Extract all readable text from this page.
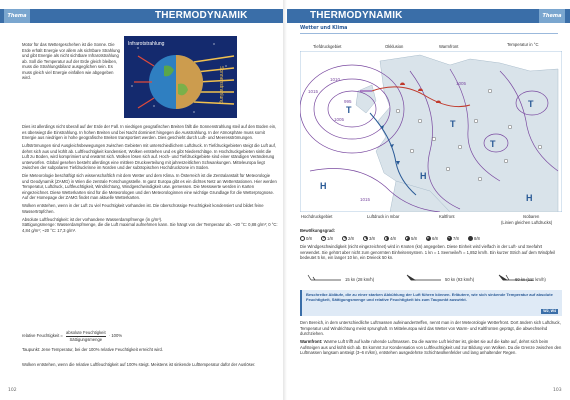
Thema	THERMODYNAMIK
Motor für das Wettergeschehen ist die Sonne. Die Erde erhält Energie vor allem als sichtbare Strahlung und gibt Energie als nicht sichtbare Infrarotstrahlung ab. Soll die Temperatur auf der Erde gleich bleiben, muss die Strahlungsbilanz ausgeglichen sein. Es muss gleich viel Energie einfallen wie abgegeben wird.
Infrarotstrahlung
Sonnenstrahlung

Dies ist allerdings nicht überall auf der Erde der Fall. In niedrigen geografischen Breiten fällt die Sonnenstrahlung steil auf den Boden ein, es überwiegt die Einstrahlung. In hohen Breiten und bei Nacht dominiert hingegen die Ausstrahlung. In der Atmosphäre muss somit Energie aus niedrigen in hohe geografische Breiten transportiert werden. Dies geschieht durch Luft- und Meeresströmungen.

Luftströmungen sind Ausgleichsbewegungen zwischen Gebieten mit unterschiedlichem Luftdruck. In Tiefdruckgebieten steigt die Luft auf, dehnt sich aus und kühlt ab. Luftfeuchtigkeit kondensiert, Wolken entstehen und es gibt Niederschläge. In Hochdruckgebieten sinkt die Luft zu Boden, wird komprimiert und erwärmt sich. Wolken lösen sich auf. Hoch- und Tiefdruckgebiete sind einer ständigen Veränderung unterworfen. Global gesehen besteht allerdings eine mittlere Druckverteilung mit jahreszeitlichen Schwankungen. Mitteleuropa liegt zwischen der subpolaren Tiefdruckrinne im Norden und der subtropischen Hochdruckzone im Süden.

Die Meteorologie beschäftigt sich wissenschaftlich mit dem Wetter und dem Klima. In Österreich ist die Zentralanstalt für Meteorologie und Geodynamik (ZAMG) in Wien die zentrale Forschungsstelle. In ganz Europa gibt es ein dichtes Netz an Wetterstationen. Hier werden Temperatur, Luftdruck, Luftfeuchtigkeit, Windrichtung, Windgeschwindigkeit usw. gemessen. Die Messwerte werden in Karten eingezeichnet. Diese Wetterkarten sind für die Meteorologen und den Meteorologinnen eine wichtige Grundlage für die Wetterprognose. Auf der Homepage der ZAMG findet man aktuelle Wetterkarten.

Wolken entstehen, wenn in der Luft zu viel Feuchtigkeit vorhanden ist. Die überschüssige Feuchtigkeit kondensiert und bildet feine Wassertröpfchen.

Absolute Luftfeuchtigkeit: ist der vorhandene Wasserdampfmenge (in g/m³).

Sättigungsmenge: Wasserdampfmenge, die die Luft maximal aufnehmen kann. Sie hängt von der Temperatur ab. ~20 °C: 0,88 g/m³; 0 °C: 4,84 g/m³; ~20 °C: 17,3 g/m³.

relative Feuchtigkeit =
absolute Feuchtigkeit
Sättigungsmenge
· 100%
Taupunkt: Jene Temperatur, bei der 100% relative Feuchtigkeit erreicht wird.
Wolken entstehen, wenn die relative Luftfeuchtigkeit auf 100% steigt. Meistens ist sinkende Lufttemperatur dafür der Auslöser.
102
THERMODYNAMIK	Thema
Wetter und Klima
Tiefdruckgebiet	Okklusion	Warmfront	Temperatur in °C
T
T
T
H
H
H
T
1015
1010
1005
995
1005
1015
Hochdruckgebiet	Luftdruck in mbar	Kaltfront	Isobaren
(Linien gleichen Luftdrucks)
Bewölkungsgrad:
0/8	1/8	2/8	3/8	4/8	5/8	6/8	7/8	8/8
Die Windgeschwindigkeit (nicht eingezeichnet) wird in Knoten (kn) angegeben. Diese Einheit wird vielfach in der Luft- und Seefahrt verwendet. Sie gehört aber nicht zum genormten Einheitensystem. 1 kn = 1 Seemeile/h = 1,852 km/h. Ein kurzer Strich auf dem Windpfeil bedeutet 5 kn, ein langer 10 kn, ein Dreieck 50 kn.
15 kn (28 km/h)	50 kn (93 km/h)	60 kn (111 km/h)
Beschreibe Abläufe, die zu einer starken Abkühlung der Luft führen können. Erläutere, wie sich sinkende Temperatur auf absolute Feuchtigkeit, Sättigungsmenge und relative Feuchtigkeit bis zum Taupunkt auswirkt.
W2, W4

Den Bereich, in dem unterschiedliche Luftmassen aufeinandertreffen, nennt man in der Meteorologie Wetterfront. Dort ändern sich Luftdruck, Temperatur und Windrichtung meist sprunghaft. In Mitteleuropa wird das Wetter von Warm- und Kaltfronten geprägt, die abwechselnd durchziehen.

Warmfront: Warme Luft trifft auf kalte ruhende Luftmassen. Da die warme Luft leichter ist, gleitet sie auf die kalte auf, dehnt sich beim Aufsteigen aus und kühlt sich ab. Es kommt zur Kondensation von Luftfeuchtigkeit und zur Bildung von Wolken. Da die Grenze zwischen den Luftmassen langsam ansteigt (3–6 m/km), entstehen ausgedehnte Schichtwolkenfelder und lang anhaltender Regen.

103
